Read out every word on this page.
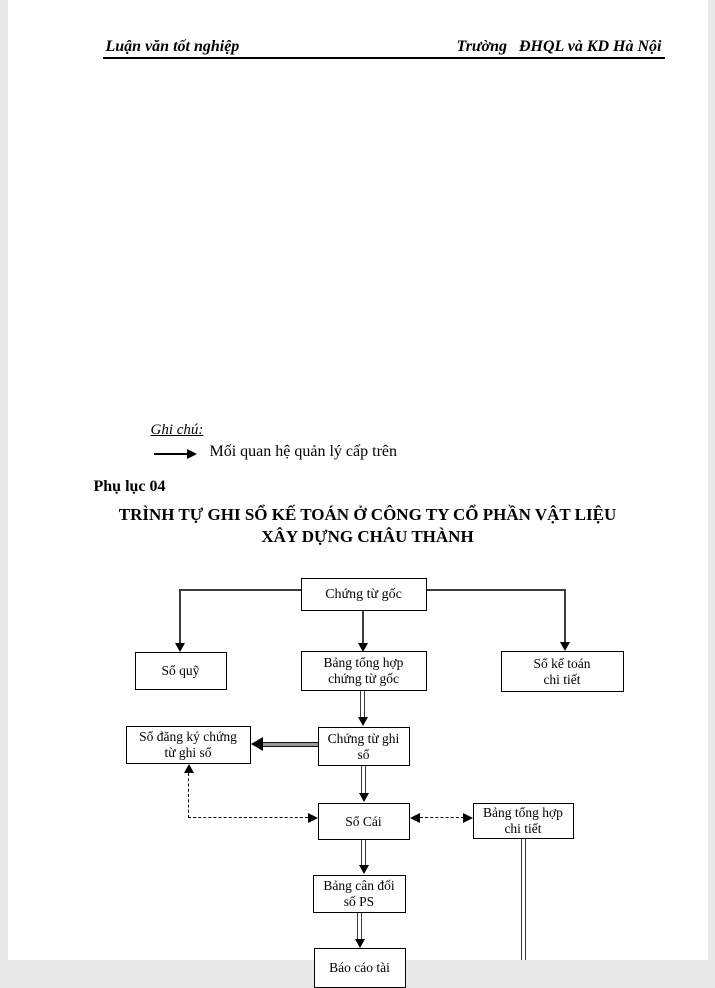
Luận văn tốt nghiệp	Trường   ĐHQL và KD Hà Nội
Ghi chú:
Mối quan hệ quản lý cấp trên
Phụ lục 04
TRÌNH TỰ GHI SỔ KẾ TOÁN Ở CÔNG TY CỔ PHẦN VẬT LIỆU
XÂY DỰNG CHÂU THÀNH
Chứng từ gốc
Sổ quỹ
Bảng tổng hợp
chứng từ gốc
Sổ kế toán
chi tiết
Chứng từ ghi
sổ
Sổ đăng ký chứng
từ ghi sổ
Sổ Cái
Bảng tổng hợp
chi tiết
Bảng cân đối
số PS
Báo cáo tài
